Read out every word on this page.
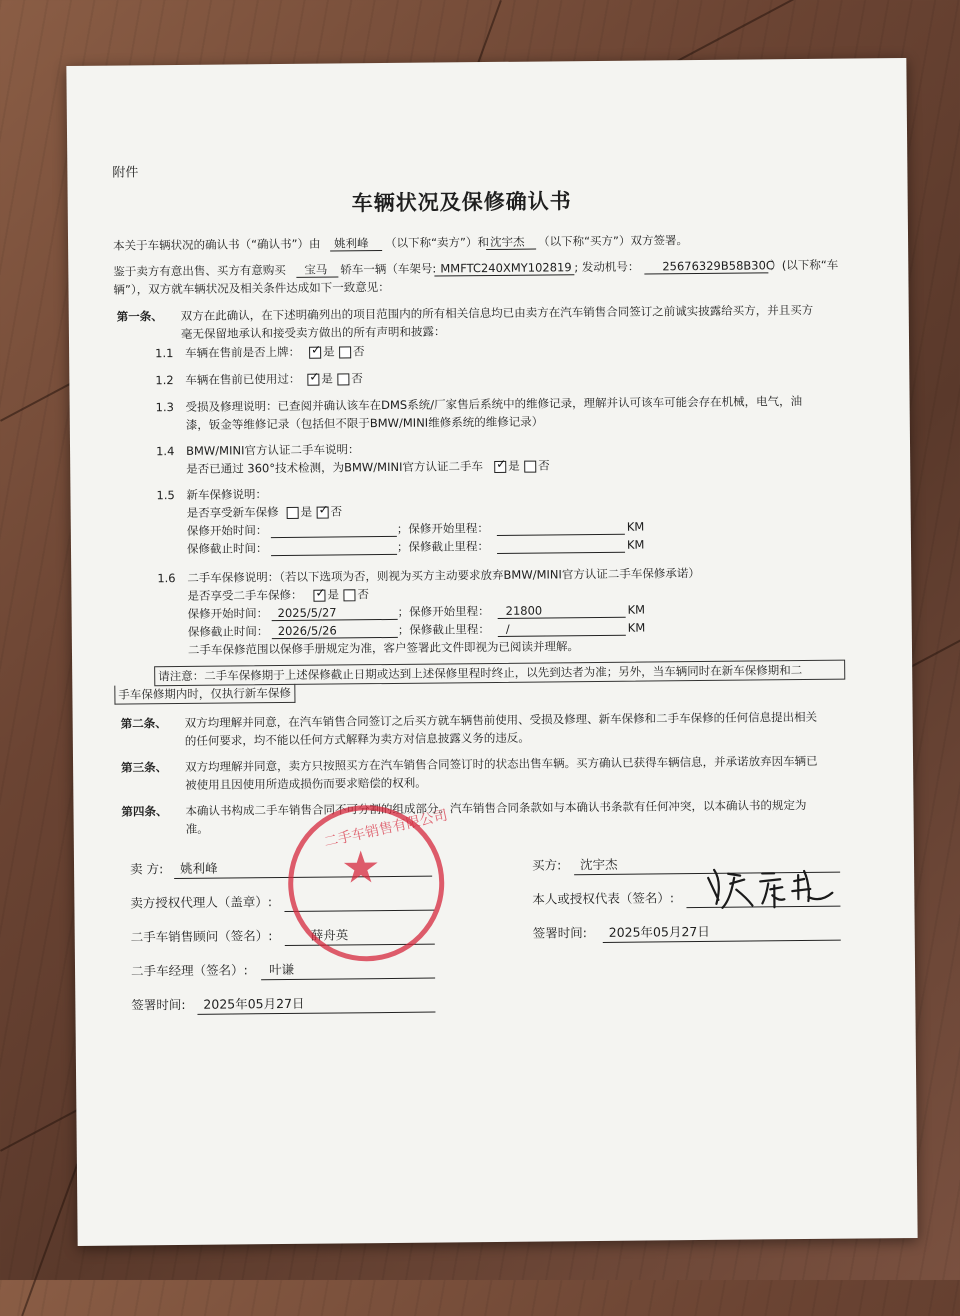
附件
车辆状况及保修确认书
本关于车辆状况的确认书（“确认书”）由 姚利峰 （以下称“卖方”）和 沈宇杰 （以下称“买方”）双方签署。
鉴于卖方有意出售、买方有意购买 宝马 轿车一辆（车架号: MMFTC240XMY102819 ; 发动机号： 25676329B58B30C
）(以下称“车
辆”），双方就车辆状况及相关条件达成如下一致意见：
第一条、 双方在此确认，在下述明确列出的项目范围内的所有相关信息均已由卖方在汽车销售合同签订之前诚实披露给买方，并且买方
毫无保留地承认和接受卖方做出的所有声明和披露：
1.1 车辆在售前是否上牌： ✓ 是 否
1.2 车辆在售前已使用过： ✓ 是 否
1.3 受损及修理说明：已查阅并确认该车在DMS系统/厂家售后系统中的维修记录，理解并认可该车可能会存在机械，电气，油
漆，钣金等维修记录（包括但不限于BMW/MINI维修系统的维修记录）
1.4 BMW/MINI官方认证二手车说明：
是否已通过 360°技术检测，为BMW/MINI官方认证二手车 ✓ 是 否
1.5 新车保修说明：
是否享受新车保修 是 ✓ 否
保修开始时间：	；保修开始里程：	KM
保修截止时间：	；保修截止里程：	KM
1.6 二手车保修说明：（若以下选项为否，则视为买方主动要求放弃BMW/MINI官方认证二手车保修承诺）
是否享受二手车保修： ✓ 是 否
保修开始时间： 2025/5/27	；保修开始里程： 21800	KM
保修截止时间： 2026/5/26	；保修截止里程： /	KM
二手车保修范围以保修手册规定为准，客户签署此文件即视为已阅读并理解。
请注意：二手车保修期于上述保修截止日期或达到上述保修里程时终止，以先到达者为准；另外，当车辆同时在新车保修期和二
手车保修期内时，仅执行新车保修
第二条、 双方均理解并同意，在汽车销售合同签订之后买方就车辆售前使用、受损及修理、新车保修和二手车保修的任何信息提出相关
的任何要求，均不能以任何方式解释为卖方对信息披露义务的违反。
第三条、 双方均理解并同意，卖方只按照买方在汽车销售合同签订时的状态出售车辆。买方确认已获得车辆信息，并承诺放弃因车辆已
被使用且因使用所造成损伤而要求赔偿的权利。
第四条、 本确认书构成二手车销售合同不可分割的组成部分。汽车销售合同条款如与本确认书条款有任何冲突，以本确认书的规定为
准。
卖 方: 姚利峰
卖方授权代理人（盖章）:
二手车销售顾问（签名）:	薛舟英
二手车经理（签名）: 叶谦
签署时间: 2025年05月27日
买方: 沈宇杰
本人或授权代表（签名）:
签署时间: 2025年05月27日
★
二手车销售有限公司
